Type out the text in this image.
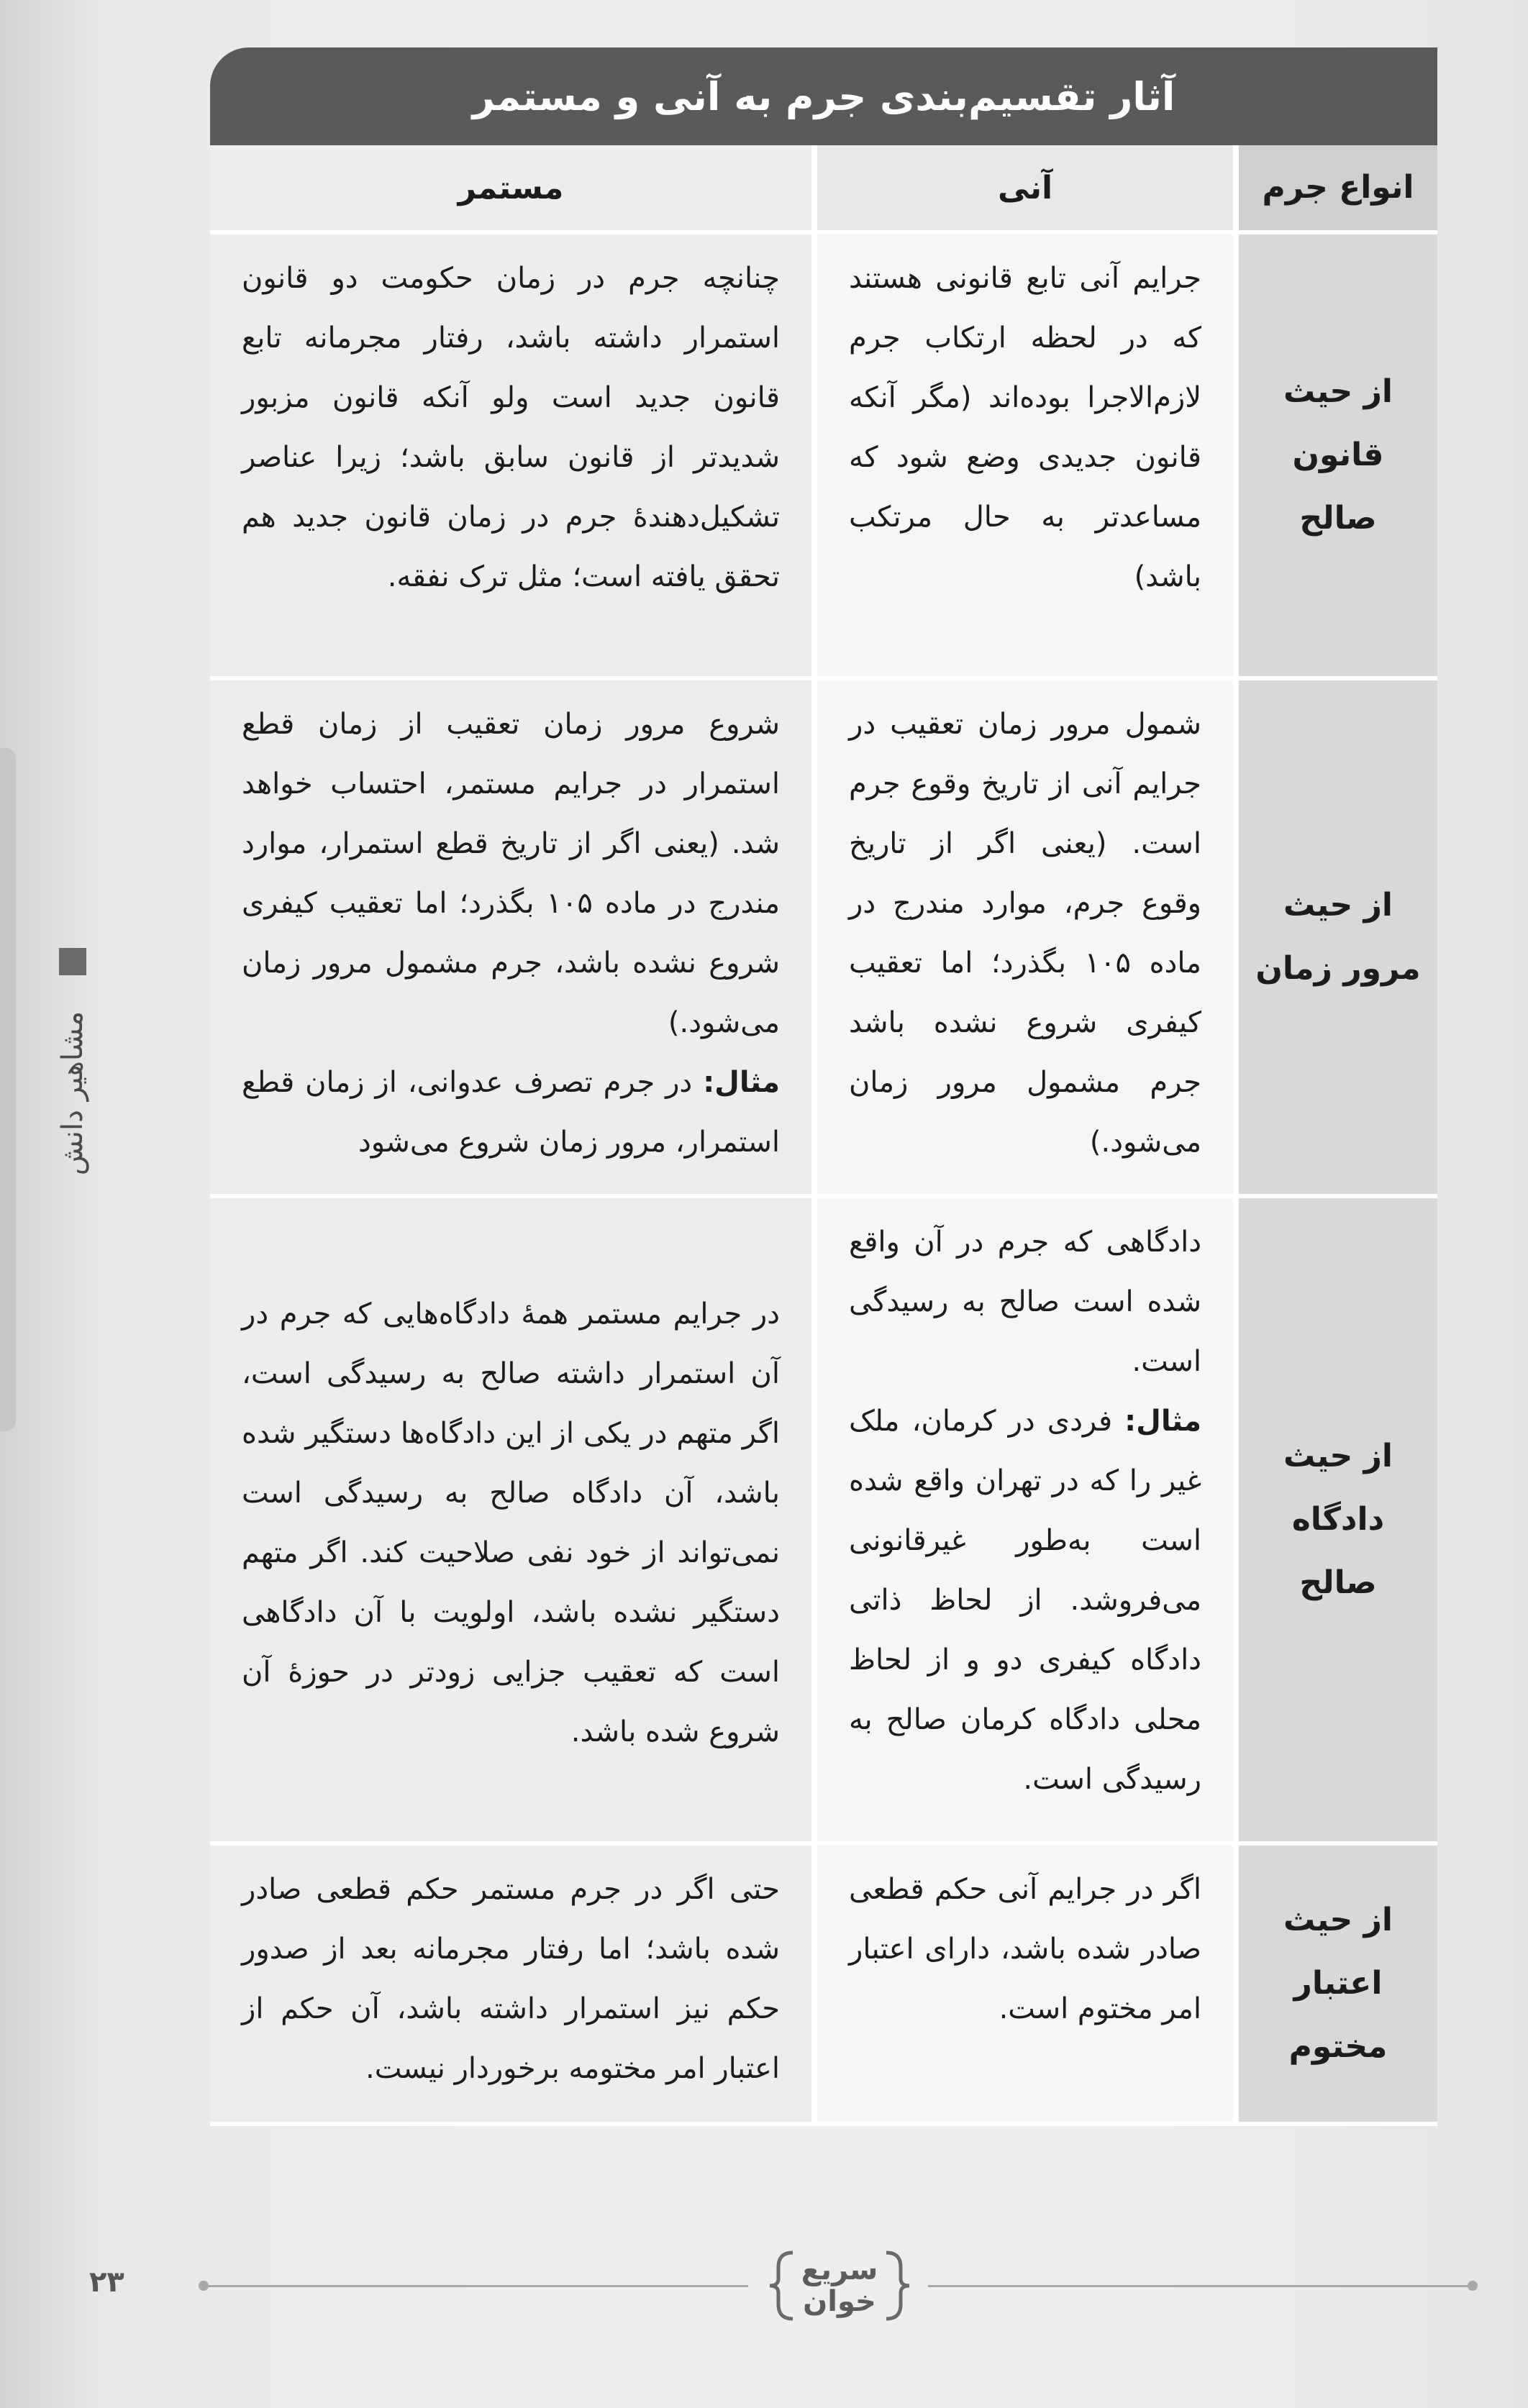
مشاهیر دانش
آثار تقسیم‌بندی جرم به آنی و مستمر
مستمر	آنی	انواع جرم

چنانچه جرم در زمان حکومت دو قانون استمرار داشته باشد، رفتار مجرمانه تابع قانون جدید است ولو آنکه قانون مزبور شدیدتر از قانون سابق باشد؛ زیرا عناصر تشکیل‌دهندۀ جرم در زمان قانون جدید هم تحقق یافته است؛ مثل ترک نفقه.

جرایم آنی تابع قانونی هستند که در لحظه ارتکاب جرم لازم‌الاجرا بوده‌اند (مگر آنکه قانون جدیدی وضع شود که مساعدتر به حال مرتکب باشد)

از حیث قانون صالح

شروع مرور زمان تعقیب از زمان قطع استمرار در جرایم مستمر، احتساب خواهد شد. (یعنی اگر از تاریخ قطع استمرار، موارد مندرج در ماده ۱۰۵ بگذرد؛ اما تعقیب کیفری شروع نشده باشد، جرم مشمول مرور زمان می‌شود.)

مثال: در جرم تصرف عدوانی، از زمان قطع استمرار، مرور زمان شروع می‌شود

شمول مرور زمان تعقیب در جرایم آنی از تاریخ وقوع جرم است. (یعنی اگر از تاریخ وقوع جرم، موارد مندرج در ماده ۱۰۵ بگذرد؛ اما تعقیب کیفری شروع نشده باشد جرم مشمول مرور زمان می‌شود.)

از حیث مرور زمان

در جرایم مستمر همۀ دادگاه‌هایی که جرم در آن استمرار داشته صالح به رسیدگی است، اگر متهم در یکی از این دادگاه‌ها دستگیر شده باشد، آن دادگاه صالح به رسیدگی است نمی‌تواند از خود نفی صلاحیت کند. اگر متهم دستگیر نشده باشد، اولویت با آن دادگاهی است که تعقیب جزایی زودتر در حوزۀ آن شروع شده باشد.

دادگاهی که جرم در آن واقع شده است صالح به رسیدگی است.

مثال: فردی در کرمان، ملک غیر را که در تهران واقع شده است به‌طور غیرقانونی می‌فروشد. از لحاظ ذاتی دادگاه کیفری دو و از لحاظ محلی دادگاه کرمان صالح به رسیدگی است.

از حیث دادگاه صالح

حتی اگر در جرم مستمر حکم قطعی صادر شده باشد؛ اما رفتار مجرمانه بعد از صدور حکم نیز استمرار داشته باشد، آن حکم از اعتبار امر مختومه برخوردار نیست.

اگر در جرایم آنی حکم قطعی صادر شده باشد، دارای اعتبار امر مختوم است.

از حیث اعتبار مختوم
سریع
خوان
۲۳
